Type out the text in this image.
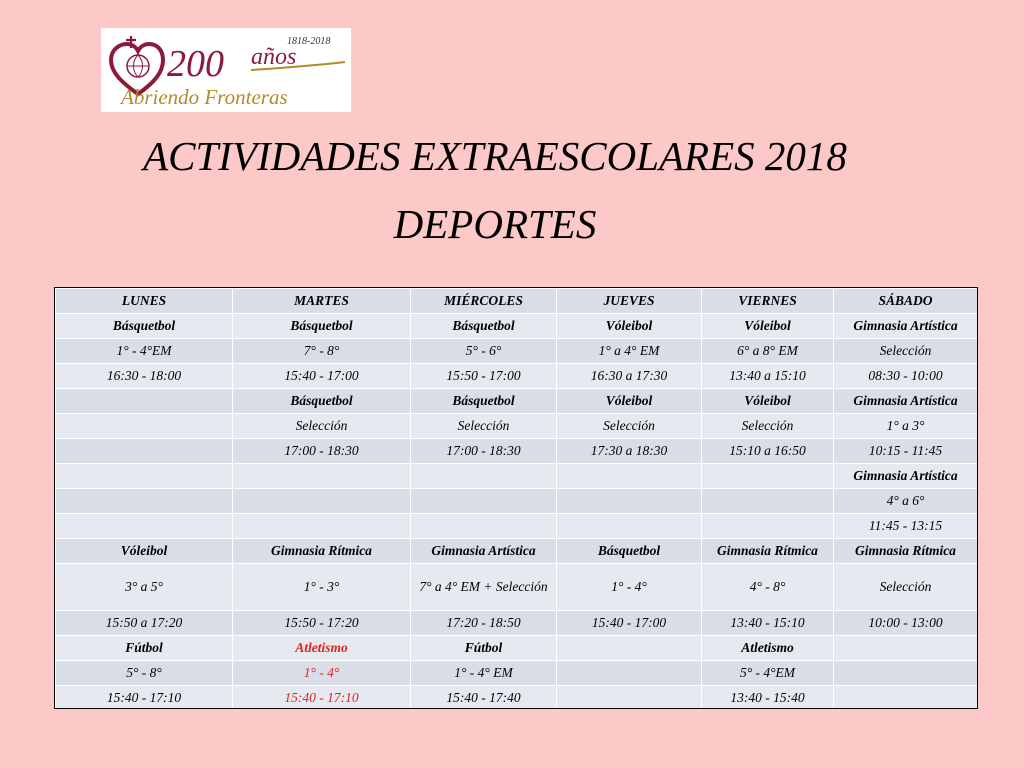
1818-2018
200 años
Abriendo Fronteras
ACTIVIDADES EXTRAESCOLARES 2018
DEPORTES
LUNES	MARTES	MIÉRCOLES	JUEVES	VIERNES	SÁBADO
Básquetbol	Básquetbol	Básquetbol	Vóleibol	Vóleibol	Gimnasia Artística
1° - 4°EM	7° - 8°	5° - 6°	1° a 4° EM	6° a 8° EM	Selección
16:30 - 18:00	15:40 - 17:00	15:50 - 17:00	16:30 a 17:30	13:40 a 15:10	08:30 - 10:00
	Básquetbol	Básquetbol	Vóleibol	Vóleibol	Gimnasia Artística
	Selección	Selección	Selección	Selección	1° a 3°
	17:00 - 18:30	17:00 - 18:30	17:30 a 18:30	15:10 a 16:50	10:15 - 11:45
					Gimnasia Artística
					4° a 6°
					11:45 - 13:15
Vóleibol	Gimnasia Rítmica	Gimnasia Artística	Básquetbol	Gimnasia Rítmica	Gimnasia Rítmica
3° a 5°	1° - 3°	7° a 4° EM + Selección	1° - 4°	4° - 8°	Selección
15:50 a 17:20	15:50 - 17:20	17:20 - 18:50	15:40 - 17:00	13:40 - 15:10	10:00 - 13:00
Fútbol	Atletismo	Fútbol		Atletismo	
5° - 8°	1° - 4°	1° - 4° EM		5° - 4°EM	
15:40 - 17:10	15:40 - 17:10	15:40 - 17:40		13:40 - 15:40	
